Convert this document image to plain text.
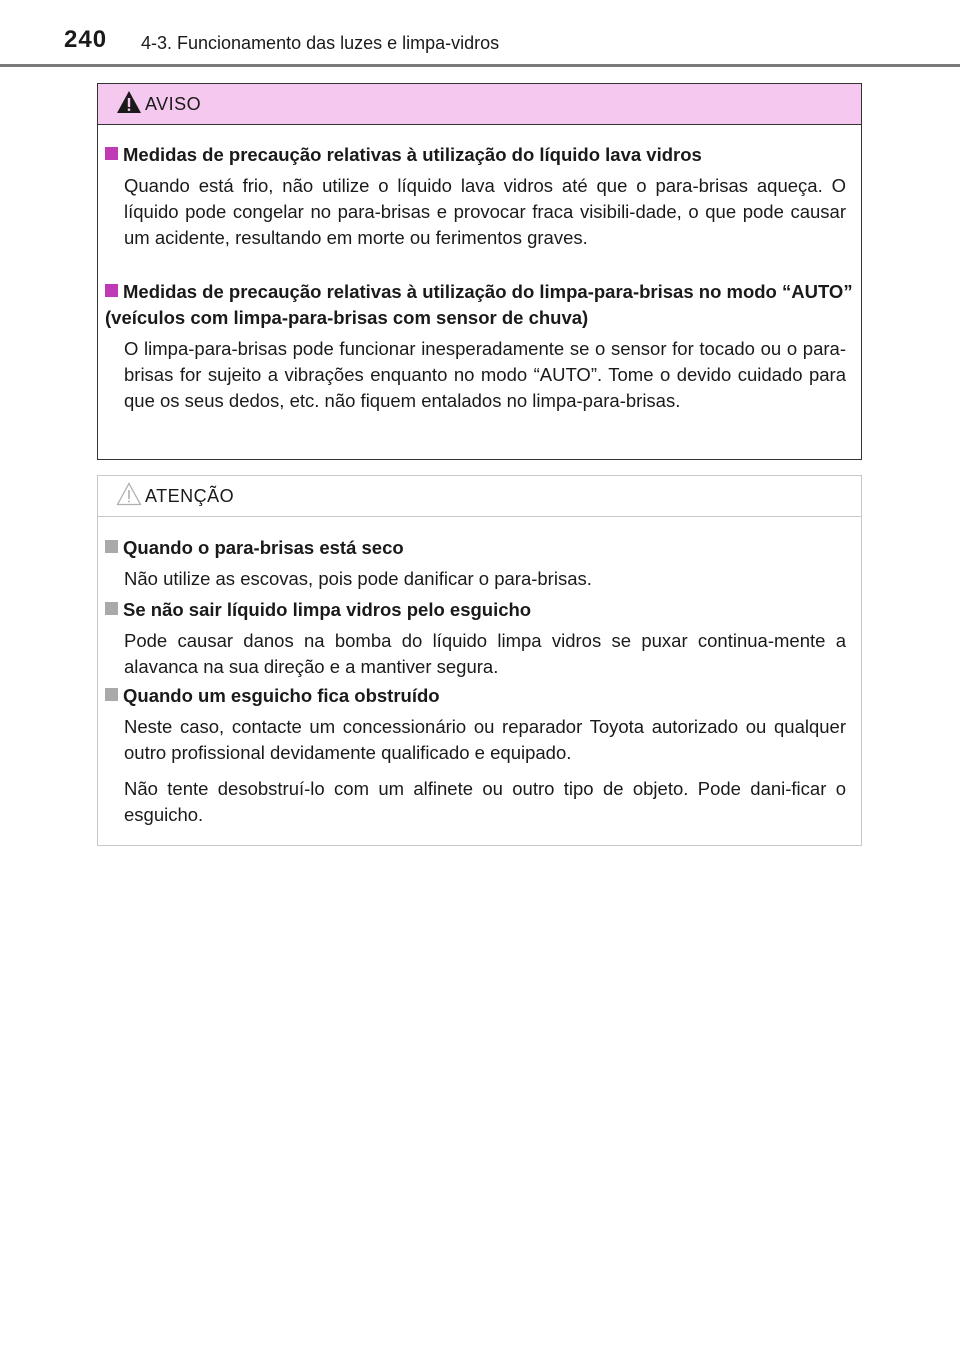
240 4-3. Funcionamento das luzes e limpa-vidros
AVISO
Medidas de precaução relativas à utilização do líquido lava vidros
Quando está frio, não utilize o líquido lava vidros até que o para-brisas aqueça. O líquido pode congelar no para-brisas e provocar fraca visibili-dade, o que pode causar um acidente, resultando em morte ou ferimentos graves.
Medidas de precaução relativas à utilização do limpa-para-brisas no modo “AUTO” (veículos com limpa-para-brisas com sensor de chuva)
O limpa-para-brisas pode funcionar inesperadamente se o sensor for tocado ou o para-brisas for sujeito a vibrações enquanto no modo “AUTO”. Tome o devido cuidado para que os seus dedos, etc. não fiquem entalados no limpa-para-brisas.
ATENÇÃO
Quando o para-brisas está seco
Não utilize as escovas, pois pode danificar o para-brisas.
Se não sair líquido limpa vidros pelo esguicho
Pode causar danos na bomba do líquido limpa vidros se puxar continua-mente a alavanca na sua direção e a mantiver segura.
Quando um esguicho fica obstruído
Neste caso, contacte um concessionário ou reparador Toyota autorizado ou qualquer outro profissional devidamente qualificado e equipado.
Não tente desobstruí-lo com um alfinete ou outro tipo de objeto. Pode dani-ficar o esguicho.
